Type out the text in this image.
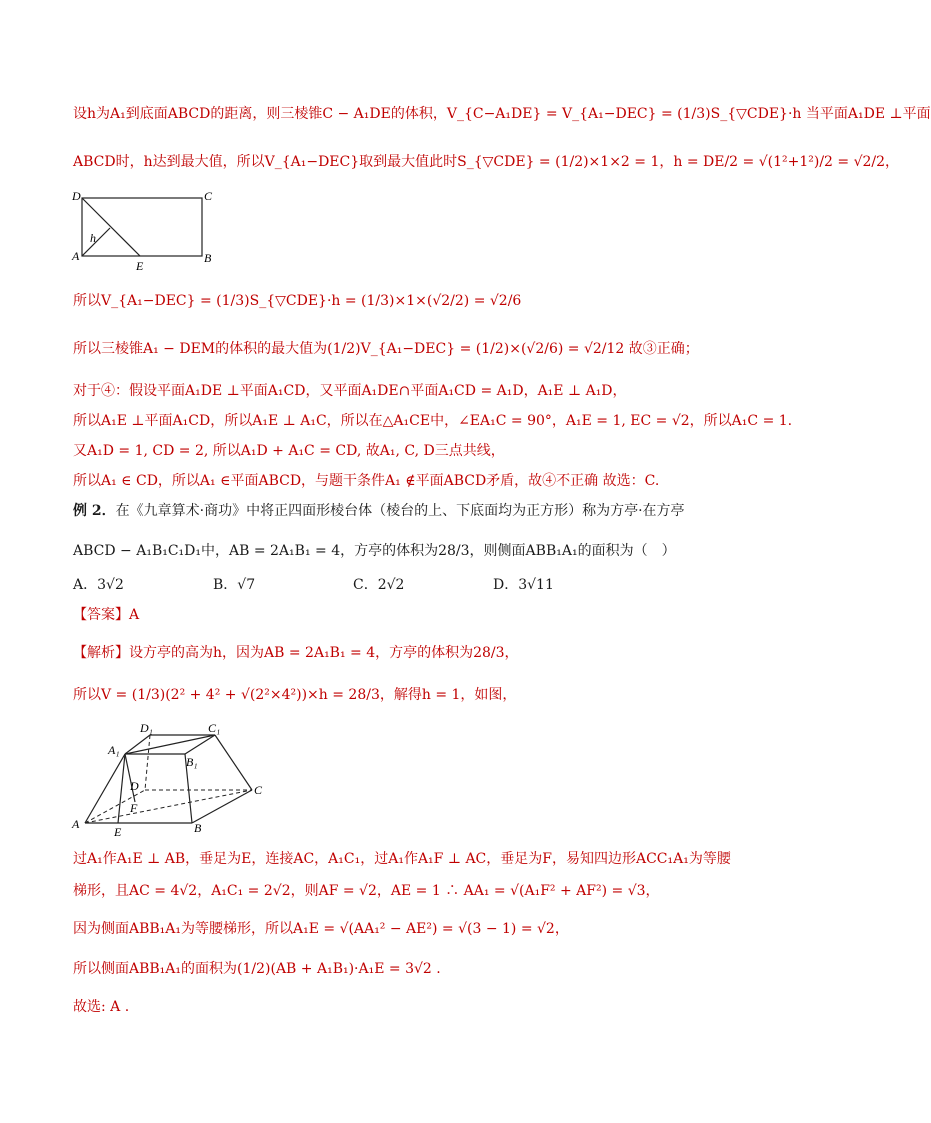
设h为A₁到底面ABCD的距离，则三棱锥C − A₁DE的体积，V_{C−A₁DE} = V_{A₁−DEC} = (1/3)S_{▽CDE}·h 当平面A₁DE ⊥平面
ABCD时，h达到最大值，所以V_{A₁−DEC}取到最大值此时S_{▽CDE} = (1/2)×1×2 = 1，h = DE/2 = √(1²+1²)/2 = √2/2，
D	C
A	B
E
h
所以V_{A₁−DEC} = (1/3)S_{▽CDE}·h = (1/3)×1×(√2/2) = √2/6
所以三棱锥A₁ − DEM的体积的最大值为(1/2)V_{A₁−DEC} = (1/2)×(√2/6) = √2/12 故③正确；
对于④：假设平面A₁DE ⊥平面A₁CD，又平面A₁DE∩平面A₁CD = A₁D，A₁E ⊥ A₁D，
所以A₁E ⊥平面A₁CD，所以A₁E ⊥ A₁C，所以在△A₁CE中，∠EA₁C = 90°，A₁E = 1, EC = √2，所以A₁C = 1.
又A₁D = 1, CD = 2, 所以A₁D + A₁C = CD, 故A₁, C, D三点共线，
所以A₁ ∈ CD，所以A₁ ∈平面ABCD，与题干条件A₁ ∉平面ABCD矛盾，故④不正确 故选：C.
例 2．在《九章算术·商功》中将正四面形棱台体（棱台的上、下底面均为正方形）称为方亭·在方亭
ABCD − A₁B₁C₁D₁中，AB = 2A₁B₁ = 4，方亭的体积为28/3，则侧面ABB₁A₁的面积为（　）
A．3√2	B．√7	C．2√2	D．3√11
【答案】A
【解析】设方亭的高为h，因为AB = 2A₁B₁ = 4，方亭的体积为28/3，
所以V = (1/3)(2² + 4² + √(2²×4²))×h = 28/3，解得h = 1，如图，
D₁	C₁
A₁
B₁
D	C
F
A
E	B
过A₁作A₁E ⊥ AB，垂足为E，连接AC，A₁C₁，过A₁作A₁F ⊥ AC，垂足为F，易知四边形ACC₁A₁为等腰
梯形，且AC = 4√2，A₁C₁ = 2√2，则AF = √2，AE = 1 ∴ AA₁ = √(A₁F² + AF²) = √3，
因为侧面ABB₁A₁为等腰梯形，所以A₁E = √(AA₁² − AE²) = √(3 − 1) = √2，
所以侧面ABB₁A₁的面积为(1/2)(AB + A₁B₁)·A₁E = 3√2 .
故选: A .
